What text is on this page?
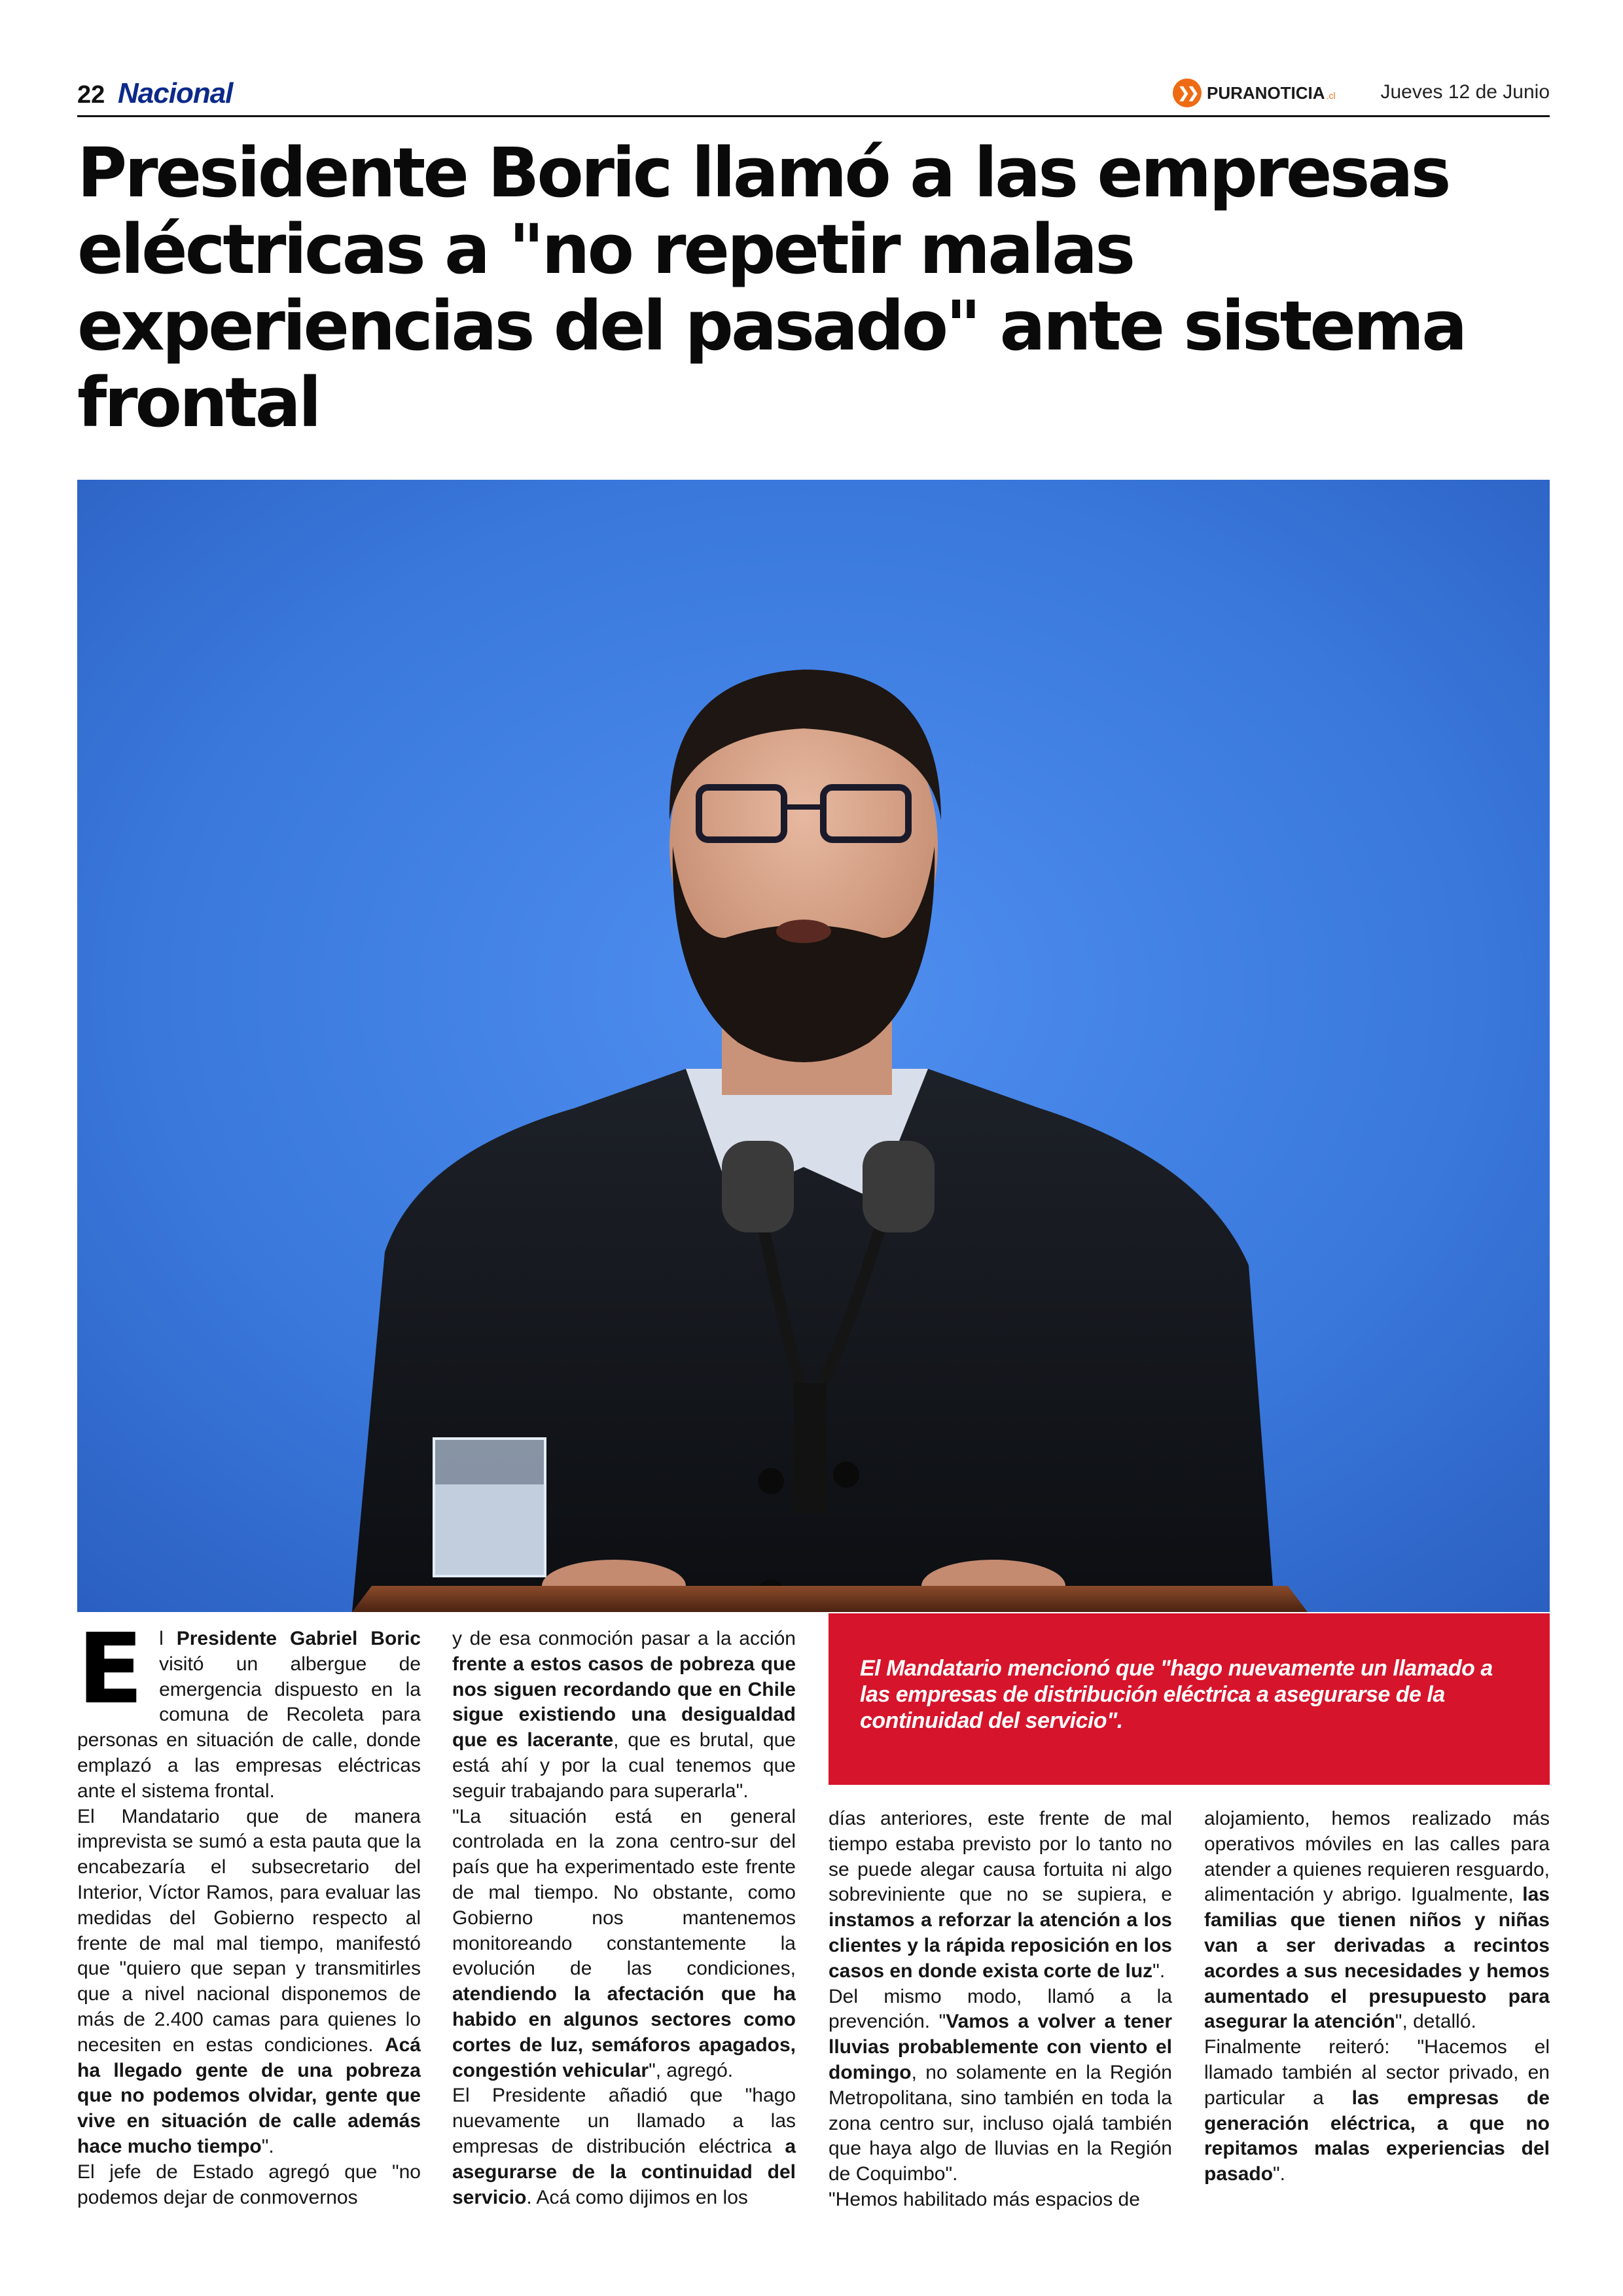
22 Nacional	❯❯ PURANOTICIA .cl Jueves 12 de Junio
Presidente Boric llamó a las empresas eléctricas a "no repetir malas experiencias del pasado" ante sistema frontal

El Mandatario mencionó que "hago nuevamente un llamado a las empresas de distribución eléctrica a asegurarse de la continuidad del servicio".

E l Presidente Gabriel Boric visitó un albergue de emergencia dispuesto en la comuna de Recoleta para personas en situación de calle, donde emplazó a las empresas eléctricas ante el sistema frontal.

El Mandatario que de manera imprevista se sumó a esta pauta que la encabezaría el subsecretario del Interior, Víctor Ramos, para evaluar las medidas del Gobierno respecto al frente de mal mal tiempo, manifestó que "quiero que sepan y transmitirles que a nivel nacional disponemos de más de 2.400 camas para quienes lo necesiten en estas condiciones. Acá ha llegado gente de una pobreza que no podemos olvidar, gente que vive en situación de calle además hace mucho tiempo".

El jefe de Estado agregó que "no podemos dejar de conmovernos

y de esa conmoción pasar a la acción frente a estos casos de pobreza que nos siguen recordando que en Chile sigue existiendo una desigualdad que es lacerante, que es brutal, que está ahí y por la cual tenemos que seguir trabajando para superarla".

"La situación está en general controlada en la zona centro-sur del país que ha experimentado este frente de mal tiempo. No obstante, como Gobierno nos mantenemos monitoreando constantemente la evolución de las condiciones, atendiendo la afectación que ha habido en algunos sectores como cortes de luz, semáforos apagados, congestión vehicular", agregó.

El Presidente añadió que "hago nuevamente un llamado a las empresas de distribución eléctrica a asegurarse de la continuidad del servicio. Acá como dijimos en los

días anteriores, este frente de mal tiempo estaba previsto por lo tanto no se puede alegar causa fortuita ni algo sobreviniente que no se supiera, e instamos a reforzar la atención a los clientes y la rápida reposición en los casos en donde exista corte de luz".

Del mismo modo, llamó a la prevención. "Vamos a volver a tener lluvias probablemente con viento el domingo, no solamente en la Región Metropolitana, sino también en toda la zona centro sur, incluso ojalá también que haya algo de lluvias en la Región de Coquimbo".

"Hemos habilitado más espacios de

alojamiento, hemos realizado más operativos móviles en las calles para atender a quienes requieren resguardo, alimentación y abrigo. Igualmente, las familias que tienen niños y niñas van a ser derivadas a recintos acordes a sus necesidades y hemos aumentado el presupuesto para asegurar la atención", detalló.

Finalmente reiteró: "Hacemos el llamado también al sector privado, en particular a las empresas de generación eléctrica, a que no repitamos malas experiencias del pasado".
